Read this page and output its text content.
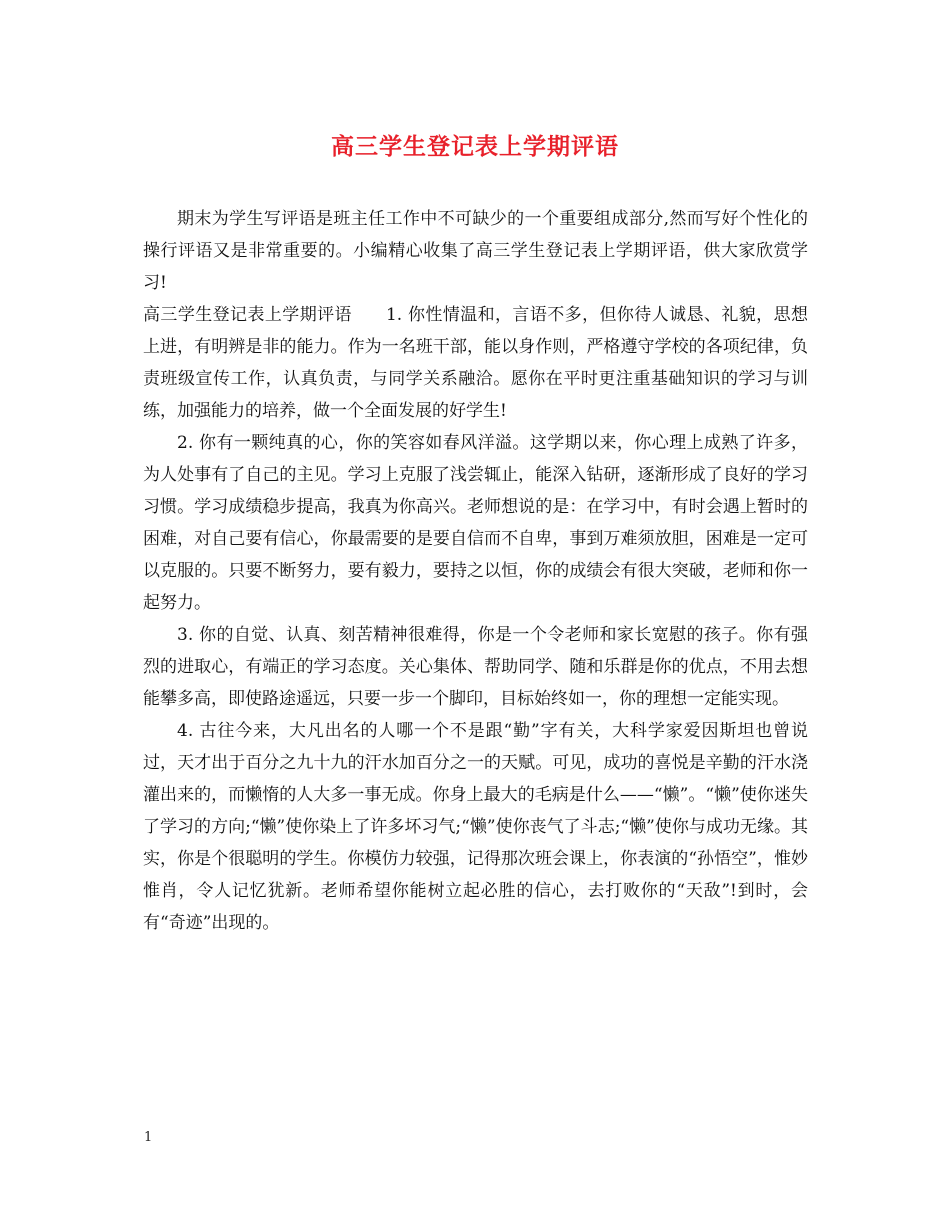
高三学生登记表上学期评语

期末为学生写评语是班主任工作中不可缺少的一个重要组成部分,然而写好个性化的操行评语又是非常重要的。小编精心收集了高三学生登记表上学期评语，供大家欣赏学习!

高三学生登记表上学期评语 1. 你性情温和，言语不多，但你待人诚恳、礼貌，思想上进，有明辨是非的能力。作为一名班干部，能以身作则，严格遵守学校的各项纪律，负责班级宣传工作，认真负责，与同学关系融洽。愿你在平时更注重基础知识的学习与训练，加强能力的培养，做一个全面发展的好学生!

2. 你有一颗纯真的心，你的笑容如春风洋溢。这学期以来，你心理上成熟了许多，为人处事有了自己的主见。学习上克服了浅尝辄止，能深入钻研，逐渐形成了良好的学习习惯。学习成绩稳步提高，我真为你高兴。老师想说的是：在学习中，有时会遇上暂时的困难，对自己要有信心，你最需要的是要自信而不自卑，事到万难须放胆，困难是一定可以克服的。只要不断努力，要有毅力，要持之以恒，你的成绩会有很大突破，老师和你一起努力。

3. 你的自觉、认真、刻苦精神很难得，你是一个令老师和家长宽慰的孩子。你有强烈的进取心，有端正的学习态度。关心集体、帮助同学、随和乐群是你的优点，不用去想能攀多高，即使路途遥远，只要一步一个脚印，目标始终如一，你的理想一定能实现。

4. 古往今来，大凡出名的人哪一个不是跟“勤”字有关，大科学家爱因斯坦也曾说过，天才出于百分之九十九的汗水加百分之一的天赋。可见，成功的喜悦是辛勤的汗水浇灌出来的，而懒惰的人大多一事无成。你身上最大的毛病是什么——“懒”。“懒”使你迷失了学习的方向;“懒”使你染上了许多坏习气;“懒”使你丧气了斗志;“懒”使你与成功无缘。其实，你是个很聪明的学生。你模仿力较强，记得那次班会课上，你表演的“孙悟空”，惟妙惟肖，令人记忆犹新。老师希望你能树立起必胜的信心，去打败你的“天敌”!到时，会有“奇迹”出现的。

1
